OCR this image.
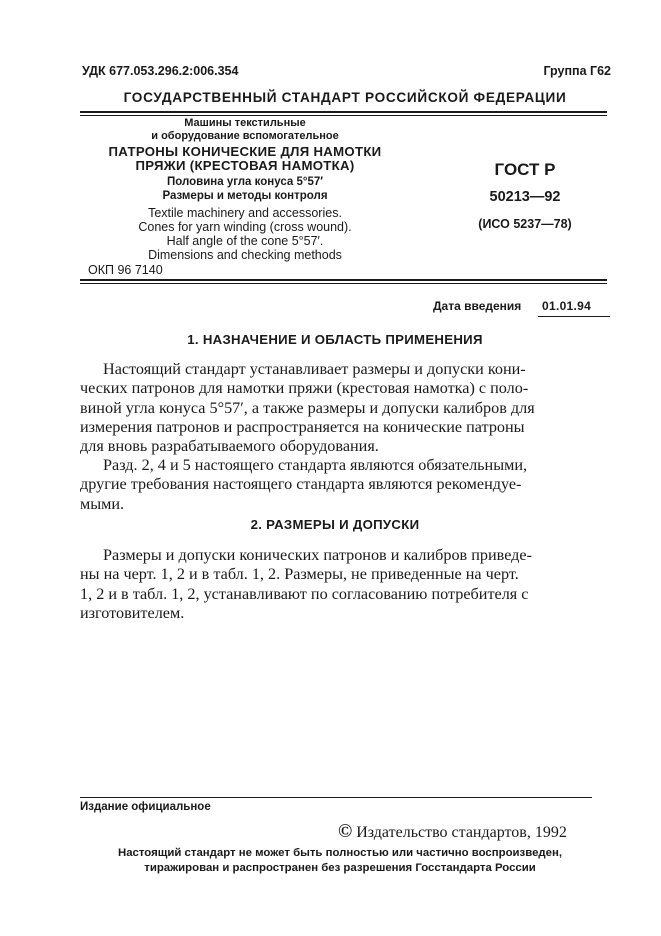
УДК 677.053.296.2:006.354	Группа Г62
ГОСУДАРСТВЕННЫЙ СТАНДАРТ РОССИЙСКОЙ ФЕДЕРАЦИИ
Машины текстильные
и оборудование вспомогательное
ПАТРОНЫ КОНИЧЕСКИЕ ДЛЯ НАМОТКИ
ПРЯЖИ (КРЕСТОВАЯ НАМОТКА)
Половина угла конуса 5°57′
Размеры и методы контроля
Textile machinery and accessories.
Cones for yarn winding (cross wound).
Half angle of the cone 5°57′.
Dimensions and checking methods
ОКП 96 7140
ГОСТ Р
50213—92
(ИСО 5237—78)
Дата введения 01.01.94
1. НАЗНАЧЕНИЕ И ОБЛАСТЬ ПРИМЕНЕНИЯ
Настоящий стандарт устанавливает размеры и допуски кони-
ческих патронов для намотки пряжи (крестовая намотка) с поло-
виной угла конуса 5°57′, а также размеры и допуски калибров для
измерения патронов и распространяется на конические патроны
для вновь разрабатываемого оборудования.
Разд. 2, 4 и 5 настоящего стандарта являются обязательными,
другие требования настоящего стандарта являются рекомендуе-
мыми.
2. РАЗМЕРЫ И ДОПУСКИ
Размеры и допуски конических патронов и калибров приведе-
ны на черт. 1, 2 и в табл. 1, 2. Размеры, не приведенные на черт.
1, 2 и в табл. 1, 2, устанавливают по согласованию потребителя с
изготовителем.
Издание официальное
© Издательство стандартов, 1992
Настоящий стандарт не может быть полностью или частично воспроизведен,
тиражирован и распространен без разрешения Госстандарта России
